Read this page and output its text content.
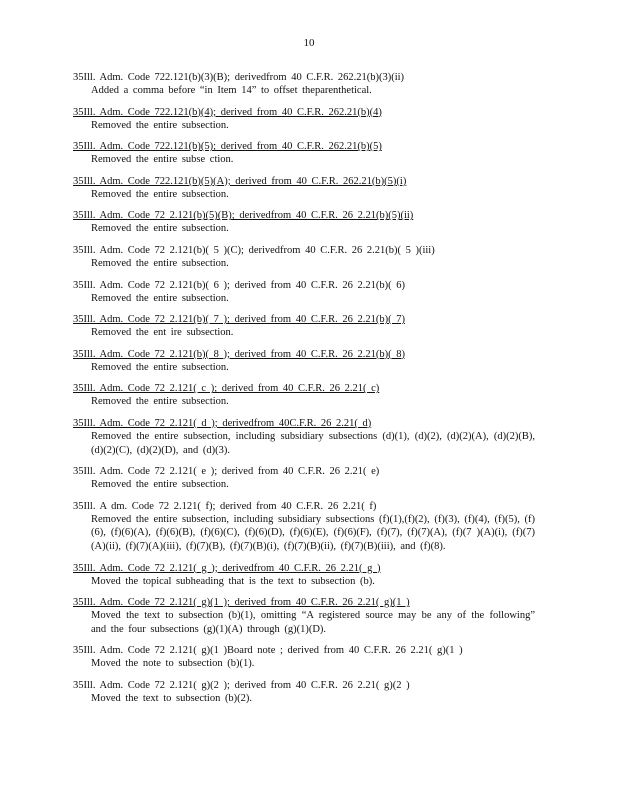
10
35Ill. Adm. Code 722.121(b)(3)(B); derivedfrom 40 C.F.R. 262.21(b)(3)(ii)
Added a comma before “in Item 14” to offset theparenthetical.
35Ill. Adm. Code 722.121(b)(4); derived from 40 C.F.R. 262.21(b)(4)
Removed the entire subsection.
35Ill. Adm. Code 722.121(b)(5); derived from 40 C.F.R. 262.21(b)(5)
Removed the entire subse ction.
35Ill. Adm. Code 722.121(b)(5)(A); derived from 40 C.F.R. 262.21(b)(5)(i)
Removed the entire subsection.
35Ill. Adm. Code 72 2.121(b)(5)(B); derivedfrom 40 C.F.R. 26 2.21(b)(5)(ii)
Removed the entire subsection.
35Ill. Adm. Code 72 2.121(b)( 5 )(C); derivedfrom 40 C.F.R. 26 2.21(b)( 5 )(iii)
Removed the entire subsection.
35Ill. Adm. Code 72 2.121(b)( 6 ); derived from 40 C.F.R. 26 2.21(b)( 6)
Removed the entire subsection.
35Ill. Adm. Code 72 2.121(b)( 7 ); derived from 40 C.F.R. 26 2.21(b)( 7)
Removed the ent ire subsection.
35Ill. Adm. Code 72 2.121(b)( 8 ); derived from 40 C.F.R. 26 2.21(b)( 8)
Removed the entire subsection.
35Ill. Adm. Code 72 2.121( c ); derived from 40 C.F.R. 26 2.21( c)
Removed the entire subsection.
35Ill. Adm. Code 72 2.121( d ); derivedfrom 40C.F.R. 26 2.21( d)
Removed the entire subsection, including subsidiary subsections (d)(1), (d)(2), (d)(2)(A), (d)(2)(B), (d)(2)(C), (d)(2)(D), and (d)(3).
35Ill. Adm. Code 72 2.121( e ); derived from 40 C.F.R. 26 2.21( e)
Removed the entire subsection.
35Ill. A dm. Code 72 2.121( f); derived from 40 C.F.R. 26 2.21( f)
Removed the entire subsection, including subsidiary subsections (f)(1),(f)(2), (f)(3), (f)(4), (f)(5), (f)(6), (f)(6)(A), (f)(6)(B), (f)(6)(C), (f)(6)(D), (f)(6)(E), (f)(6)(F), (f)(7), (f)(7)(A), (f)(7 )(A)(i), (f)(7)(A)(ii), (f)(7)(A)(iii), (f)(7)(B), (f)(7)(B)(i), (f)(7)(B)(ii), (f)(7)(B)(iii), and (f)(8).
35Ill. Adm. Code 72 2.121( g ); derivedfrom 40 C.F.R. 26 2.21( g )
Moved the topical subheading that is the text to subsection (b).
35Ill. Adm. Code 72 2.121( g)(1 ); derived from 40 C.F.R. 26 2.21( g)(1 )
Moved the text to subsection (b)(1), omitting “A registered source may be any of the following” and the four subsections (g)(1)(A) through (g)(1)(D).
35Ill. Adm. Code 72 2.121( g)(1 )Board note ; derived from 40 C.F.R. 26 2.21( g)(1 )
Moved the note to subsection (b)(1).
35Ill. Adm. Code 72 2.121( g)(2 ); derived from 40 C.F.R. 26 2.21( g)(2 )
Moved the text to subsection (b)(2).
